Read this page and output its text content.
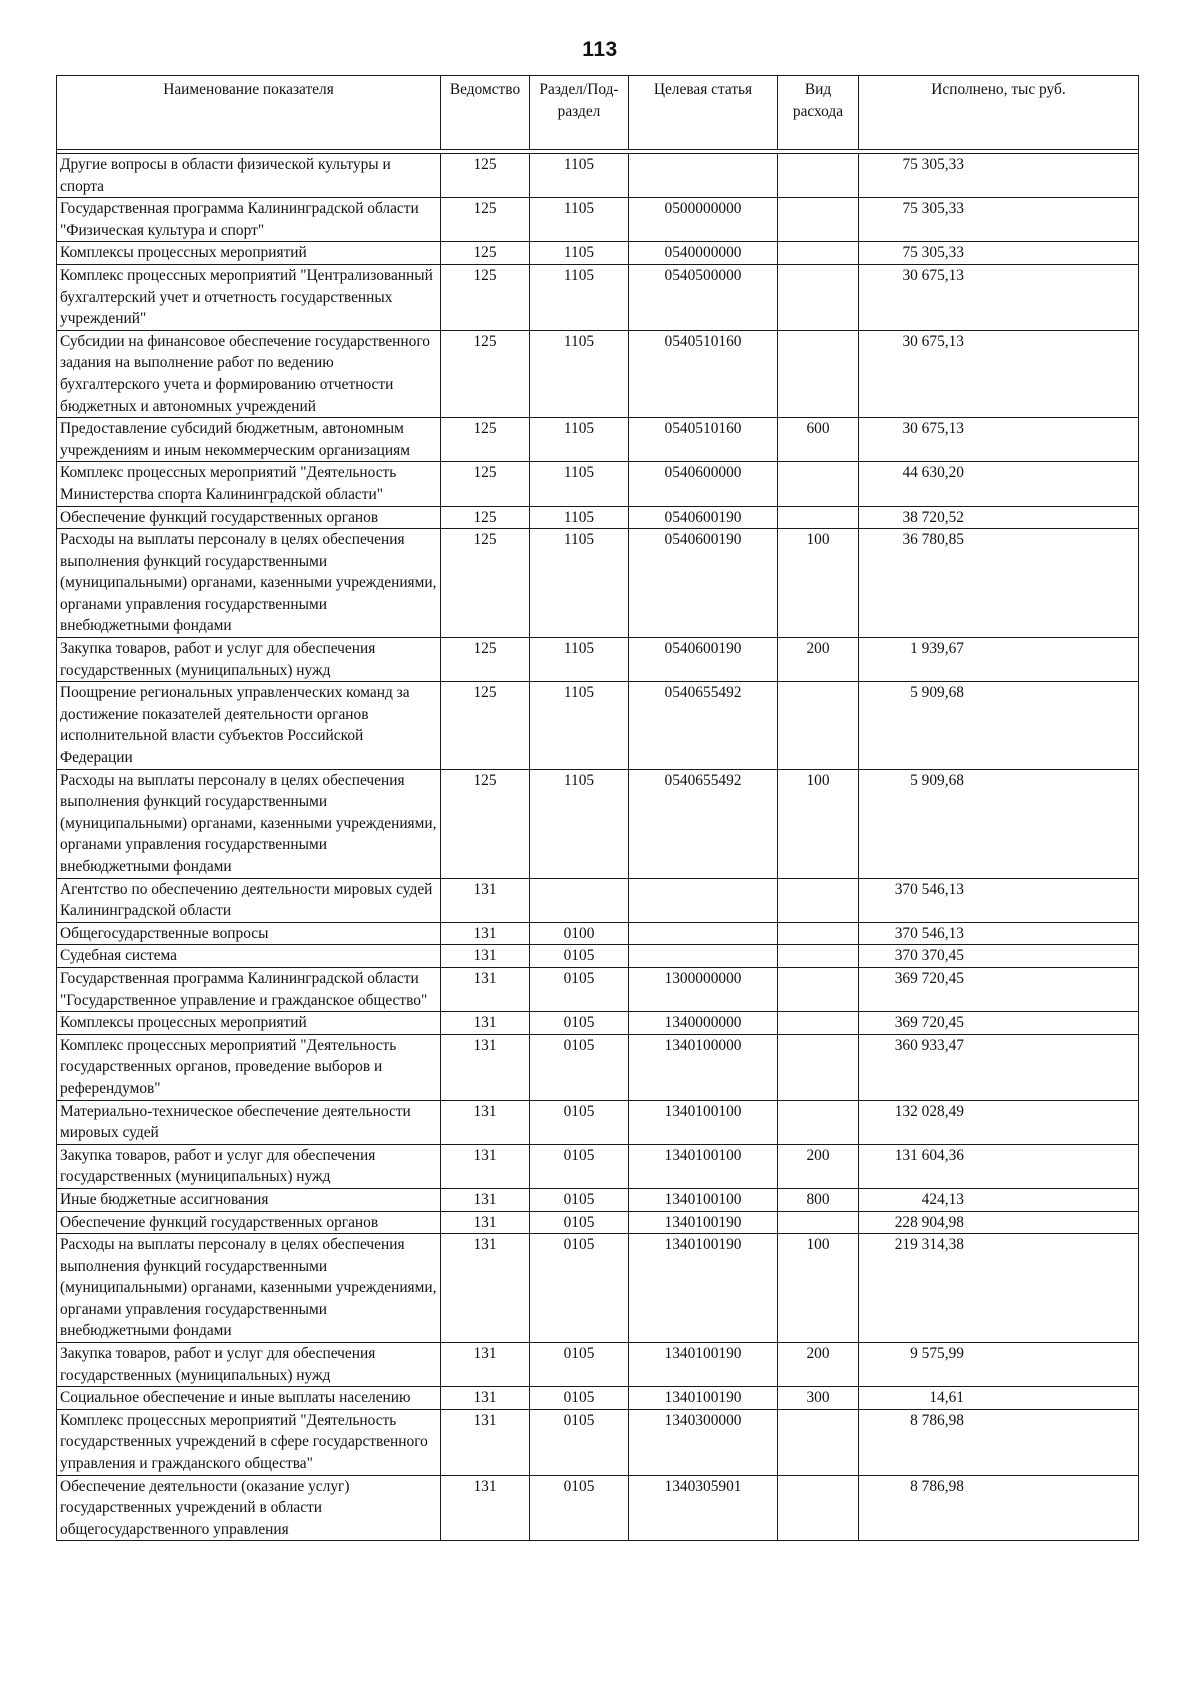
113
Наименование показателя	Ведомство	Раздел/Под-раздел	Целевая статья	Вид расхода	Исполнено, тыс руб.

Другие вопросы в области физической культуры и спорта	125	1105			75 305,33
Государственная программа Калининградской области "Физическая культура и спорт"	125	1105	0500000000		75 305,33
Комплексы процессных мероприятий	125	1105	0540000000		75 305,33
Комплекс процессных мероприятий "Централизованный бухгалтерский учет и отчетность государственных учреждений"	125	1105	0540500000		30 675,13
Субсидии на финансовое обеспечение государственного задания на выполнение работ по ведению бухгалтерского учета и формированию отчетности бюджетных и автономных учреждений	125	1105	0540510160		30 675,13
Предоставление субсидий бюджетным, автономным учреждениям и иным некоммерческим организациям	125	1105	0540510160	600	30 675,13
Комплекс процессных мероприятий "Деятельность Министерства спорта Калининградской области"	125	1105	0540600000		44 630,20
Обеспечение функций государственных органов	125	1105	0540600190		38 720,52
Расходы на выплаты персоналу в целях обеспечения выполнения функций государственными (муниципальными) органами, казенными учреждениями, органами управления государственными внебюджетными фондами	125	1105	0540600190	100	36 780,85
Закупка товаров, работ и услуг для обеспечения государственных (муниципальных) нужд	125	1105	0540600190	200	1 939,67
Поощрение региональных управленческих команд за достижение показателей деятельности органов исполнительной власти субъектов Российской Федерации	125	1105	0540655492		5 909,68
Расходы на выплаты персоналу в целях обеспечения выполнения функций государственными (муниципальными) органами, казенными учреждениями, органами управления государственными внебюджетными фондами	125	1105	0540655492	100	5 909,68
Агентство по обеспечению деятельности мировых судей Калининградской области	131				370 546,13
Общегосударственные вопросы	131	0100			370 546,13
Судебная система	131	0105			370 370,45
Государственная программа Калининградской области "Государственное управление и гражданское общество"	131	0105	1300000000		369 720,45
Комплексы процессных мероприятий	131	0105	1340000000		369 720,45
Комплекс процессных мероприятий "Деятельность государственных органов, проведение выборов и референдумов"	131	0105	1340100000		360 933,47
Материально-техническое обеспечение деятельности мировых судей	131	0105	1340100100		132 028,49
Закупка товаров, работ и услуг для обеспечения государственных (муниципальных) нужд	131	0105	1340100100	200	131 604,36
Иные бюджетные ассигнования	131	0105	1340100100	800	424,13
Обеспечение функций государственных органов	131	0105	1340100190		228 904,98
Расходы на выплаты персоналу в целях обеспечения выполнения функций государственными (муниципальными) органами, казенными учреждениями, органами управления государственными внебюджетными фондами	131	0105	1340100190	100	219 314,38
Закупка товаров, работ и услуг для обеспечения государственных (муниципальных) нужд	131	0105	1340100190	200	9 575,99
Социальное обеспечение и иные выплаты населению	131	0105	1340100190	300	14,61
Комплекс процессных мероприятий "Деятельность государственных учреждений в сфере государственного управления и гражданского общества"	131	0105	1340300000		8 786,98
Обеспечение деятельности (оказание услуг) государственных учреждений в области общегосударственного управления	131	0105	1340305901		8 786,98
